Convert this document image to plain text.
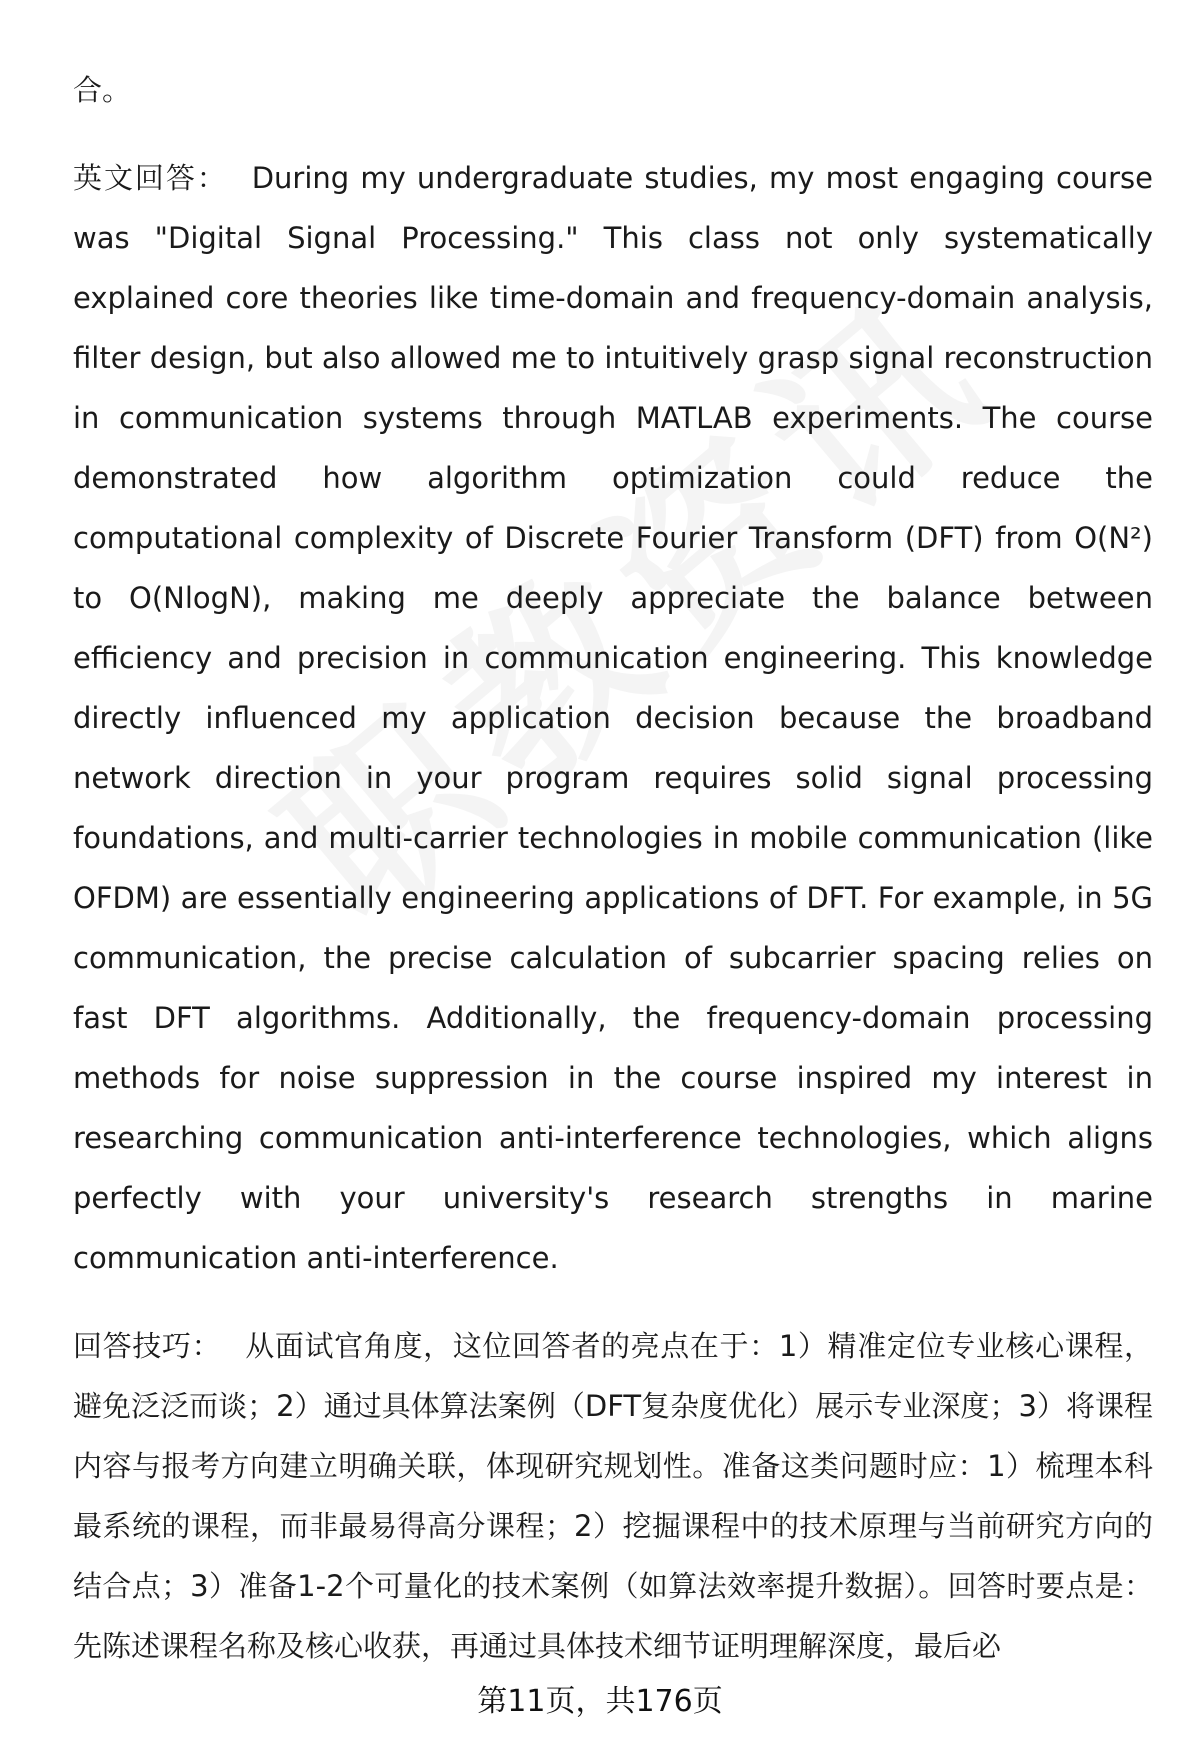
合。

英文回答： During my undergraduate studies, my most engaging course was "Digital Signal Processing." This class not only systematically explained core theories like time-domain and frequency-domain analysis, filter design, but also allowed me to intuitively grasp signal reconstruction in communication systems through MATLAB experiments. The course demonstrated how algorithm optimization could reduce the computational complexity of Discrete Fourier Transform (DFT) from O(N²) to O(NlogN), making me deeply appreciate the balance between efficiency and precision in communication engineering. This knowledge directly influenced my application decision because the broadband network direction in your program requires solid signal processing foundations, and multi-carrier technologies in mobile communication (like OFDM) are essentially engineering applications of DFT. For example, in 5G communication, the precise calculation of subcarrier spacing relies on fast DFT algorithms. Additionally, the frequency-domain processing methods for noise suppression in the course inspired my interest in researching communication anti-interference technologies, which aligns perfectly with your university's research strengths in marine communication anti-interference.

回答技巧： 从面试官角度，这位回答者的亮点在于：1）精准定位专业核心课程，避免泛泛而谈；2）通过具体算法案例（DFT复杂度优化）展示专业深度；3）将课程内容与报考方向建立明确关联，体现研究规划性。准备这类问题时应：1）梳理本科最系统的课程，而非最易得高分课程；2）挖掘课程中的技术原理与当前研究方向的结合点；3）准备1-2个可量化的技术案例（如算法效率提升数据）。回答时要点是：先陈述课程名称及核心收获，再通过具体技术细节证明理解深度，最后必

第11页，共176页
